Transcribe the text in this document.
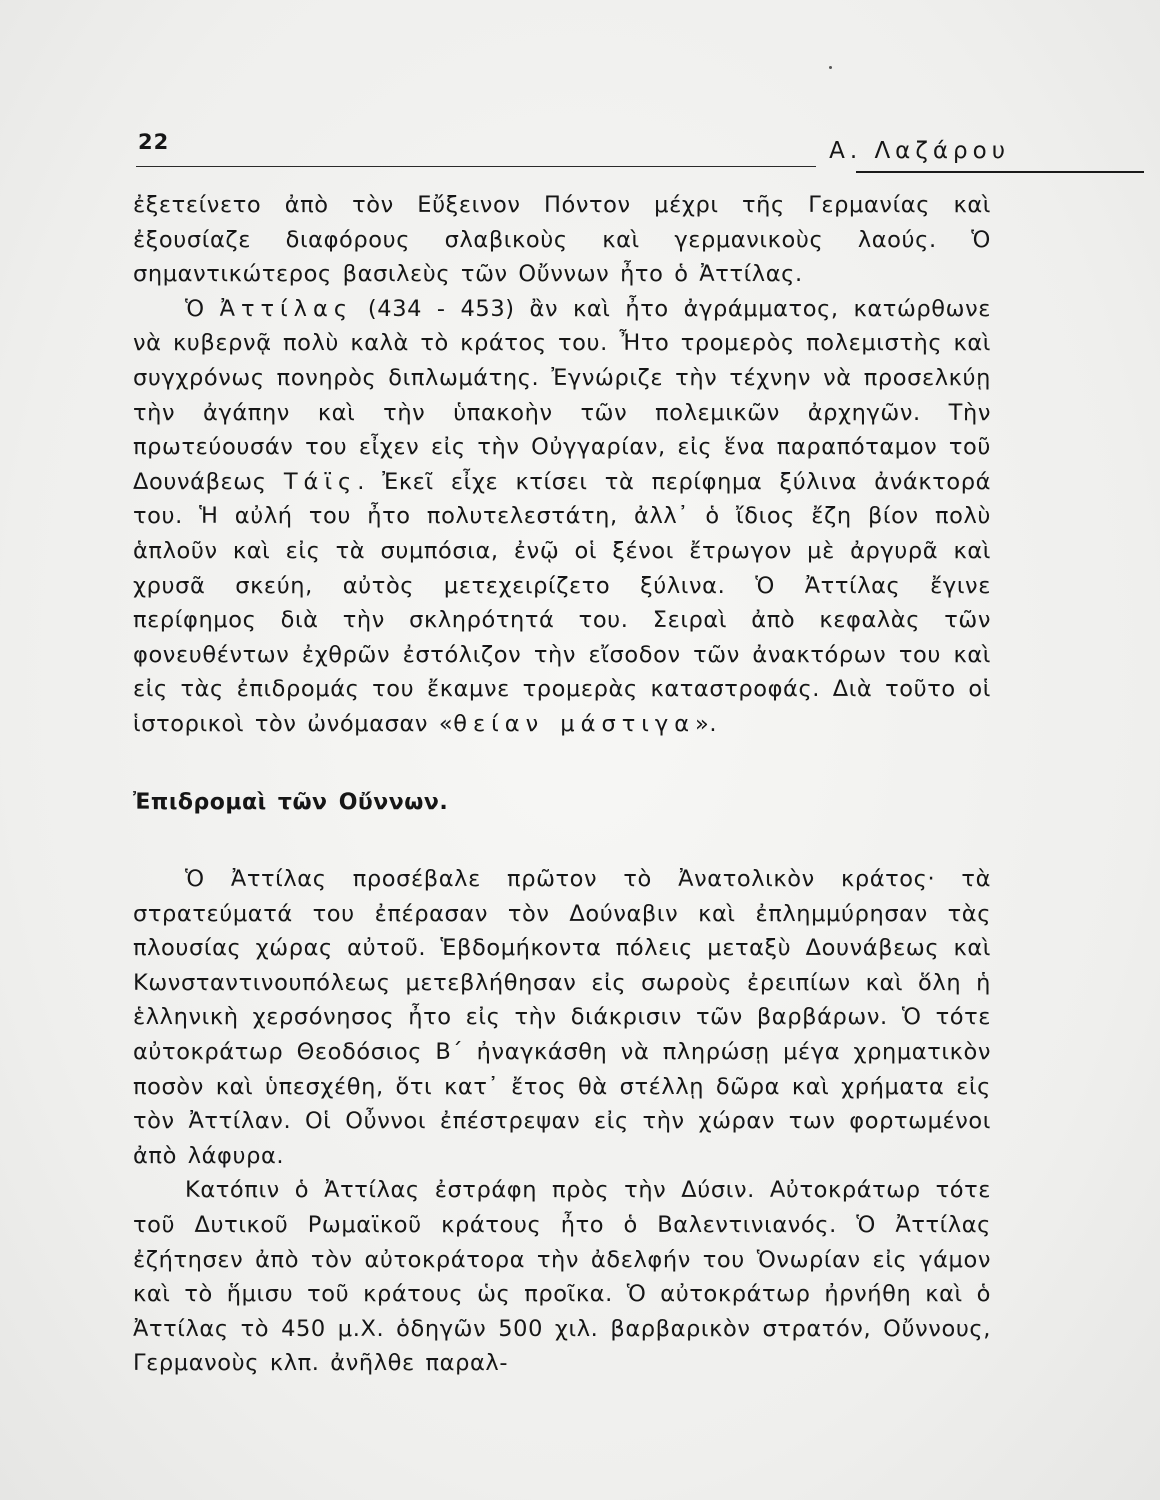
22	Α. Λαζάρου

ἐξετείνετο ἀπὸ τὸν Εὔξεινον Πόντον μέχρι τῆς Γερμανίας καὶ ἐξουσίαζε διαφόρους σλαβικοὺς καὶ γερμανικοὺς λαούς. Ὁ σημαντικώτερος βασιλεὺς τῶν Οὔννων ἦτο ὁ Ἀττίλας.

Ὁ Ἀττίλας (434 - 453) ἂν καὶ ἦτο ἀγράμματος, κατώρθωνε νὰ κυβερνᾷ πολὺ καλὰ τὸ κράτος του. Ἦτο τρομερὸς πολεμιστὴς καὶ συγχρόνως πονηρὸς διπλωμάτης. Ἐγνώριζε τὴν τέχνην νὰ προσελκύῃ τὴν ἀγάπην καὶ τὴν ὑπακοὴν τῶν πολεμικῶν ἀρχηγῶν. Τὴν πρωτεύουσάν του εἶχεν εἰς τὴν Οὐγγαρίαν, εἰς ἕνα παραπόταμον τοῦ Δουνάβεως Τάϊς. Ἐκεῖ εἶχε κτίσει τὰ περίφημα ξύλινα ἀνάκτορά του. Ἡ αὐλή του ἦτο πολυτελεστάτη, ἀλλ᾽ ὁ ἴδιος ἔζη βίον πολὺ ἁπλοῦν καὶ εἰς τὰ συμπόσια, ἐνῷ οἱ ξένοι ἔτρωγον μὲ ἀργυρᾶ καὶ χρυσᾶ σκεύη, αὐτὸς μετεχειρίζετο ξύλινα. Ὁ Ἀττίλας ἔγινε περίφημος διὰ τὴν σκληρότητά του. Σειραὶ ἀπὸ κεφαλὰς τῶν φονευθέντων ἐχθρῶν ἐστόλιζον τὴν εἴσοδον τῶν ἀνακτόρων του καὶ εἰς τὰς ἐπιδρομάς του ἔκαμνε τρομερὰς καταστροφάς. Διὰ τοῦτο οἱ ἱστορικοὶ τὸν ὠνόμασαν «θείαν μάστιγα».

Ἐπιδρομαὶ τῶν Οὔννων.

Ὁ Ἀττίλας προσέβαλε πρῶτον τὸ Ἀνατολικὸν κράτος· τὰ στρατεύματά του ἐπέρασαν τὸν Δούναβιν καὶ ἐπλημμύρησαν τὰς πλουσίας χώρας αὐτοῦ. Ἑβδομήκοντα πόλεις μεταξὺ Δουνάβεως καὶ Κωνσταντινουπόλεως μετεβλήθησαν εἰς σωροὺς ἐρειπίων καὶ ὅλη ἡ ἑλληνικὴ χερσόνησος ἦτο εἰς τὴν διάκρισιν τῶν βαρβάρων. Ὁ τότε αὐτοκράτωρ Θεοδόσιος Β´ ἠναγκάσθη νὰ πληρώσῃ μέγα χρηματικὸν ποσὸν καὶ ὑπεσχέθη, ὅτι κατ᾽ ἔτος θὰ στέλλῃ δῶρα καὶ χρήματα εἰς τὸν Ἀττίλαν. Οἱ Οὖννοι ἐπέστρεψαν εἰς τὴν χώραν των φορτωμένοι ἀπὸ λάφυρα.

Κατόπιν ὁ Ἀττίλας ἐστράφη πρὸς τὴν Δύσιν. Αὐτοκράτωρ τότε τοῦ Δυτικοῦ Ρωμαϊκοῦ κράτους ἦτο ὁ Βαλεντινιανός. Ὁ Ἀττίλας ἐζήτησεν ἀπὸ τὸν αὐτοκράτορα τὴν ἀδελφήν του Ὁνωρίαν εἰς γάμον καὶ τὸ ἥμισυ τοῦ κράτους ὡς προῖκα. Ὁ αὐτοκράτωρ ἠρνήθη καὶ ὁ Ἀττίλας τὸ 450 μ.Χ. ὁδηγῶν 500 χιλ. βαρβαρικὸν στρατόν, Οὔννους, Γερμανοὺς κλπ. ἀνῆλθε παραλ-
